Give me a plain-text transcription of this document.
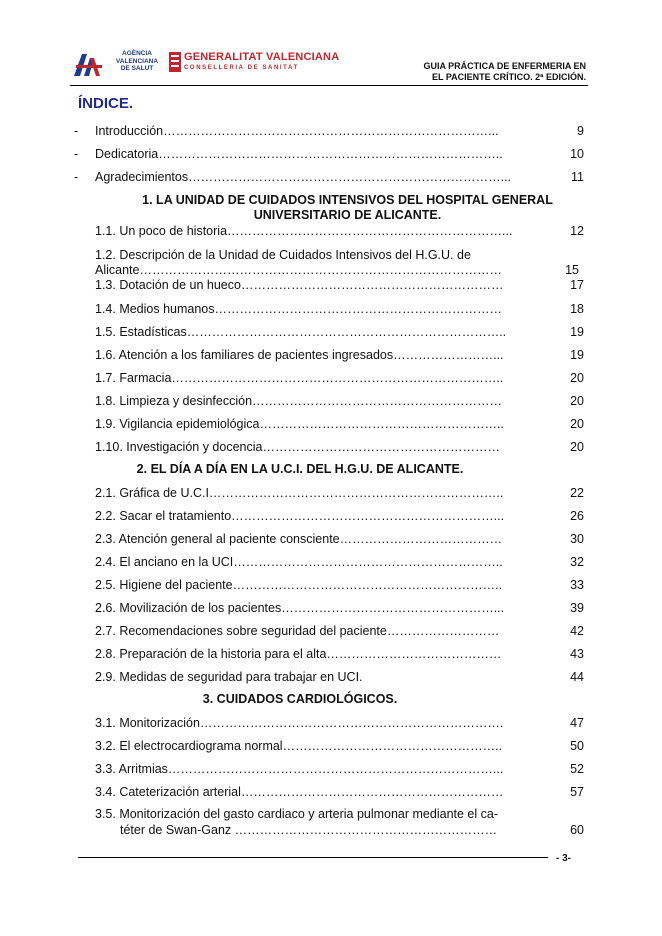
AGÈNCIA
VALENCIANA
DE SALUT
GENERALITAT VALENCIANA
CONSELLERIA DE SANITAT	GUIA PRÁCTICA DE ENFERMERIA EN
EL PACIENTE CRÍTICO. 2ª EDICIÓN.
ÍNDICE.
- Introducción……………………………………………………………………...	9
- Dedicatoria………………………………………………………………………..	10
- Agradecimientos…………………………………………………………………...	11
1. LA UNIDAD DE CUIDADOS INTENSIVOS DEL HOSPITAL GENERAL
UNIVERSITARIO DE ALICANTE.
1.1. Un poco de historia…………………………………………………………...	12
1.2. Descripción de la Unidad de Cuidados Intensivos del H.G.U. de
Alicante……………………………………………………………………………	15
1.3. Dotación de un hueco………………………………………………………	17
1.4. Medios humanos……………………………………………………………	18
1.5. Estadísticas…………………………………………………………………..	19
1.6. Atención a los familiares de pacientes ingresados……………………...	19
1.7. Farmacia……………………………………………………………………..	20
1.8. Limpieza y desinfección……………………………………………………	20
1.9. Vigilancia epidemiológica…………………………………………………..	20
1.10. Investigación y docencia…………………………………………………	20
2. EL DÍA A DÍA EN LA U.C.I. DEL H.G.U. DE ALICANTE.
2.1. Gráfica de U.C.I……………………………………………………………..	22
2.2. Sacar el tratamiento………………………………………………………...	26
2.3. Atención general al paciente consciente…………………………………	30
2.4. El anciano en la UCI………………………………………………………..	32
2.5. Higiene del paciente………………………………………………………..	33
2.6. Movilización de los pacientes……………………………………………...	39
2.7. Recomendaciones sobre seguridad del paciente………………………	42
2.8. Preparación de la historia para el alta……………………………………	43
2.9. Medidas de seguridad para trabajar en UCI.	44
3. CUIDADOS CARDIOLÓGICOS.
3.1. Monitorización……………………………………………………………….	47
3.2. El electrocardiograma normal……………………………………………..	50
3.3. Arritmias……………………………………………………………………...	52
3.4. Cateterización arterial………………………………………………………	57
3.5. Monitorización del gasto cardiaco y arteria pulmonar mediante el ca-
téter de Swan-Ganz ………………………………………………………	60
- 3-
